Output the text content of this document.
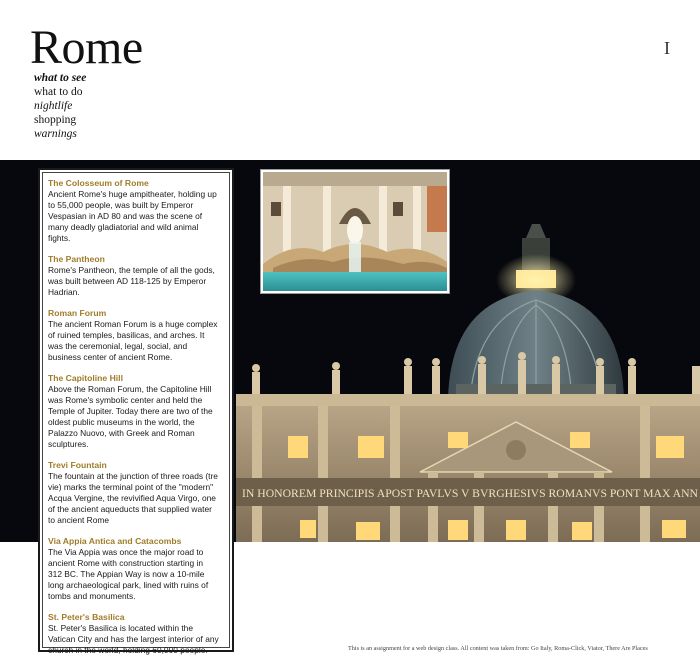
Rome
what to see
what to do
nightlife
shopping
warnings
I
IN HONOREM PRINCIPIS APOST PAVLVS V BVRGHESIVS ROMANVS PONT MAX ANN
The Colosseum of Rome
Ancient Rome's huge ampitheater, holding up
to 55,000 people, was built by Emperor
Vespasian in AD 80 and was the scene of
many deadly gladiatorial and wild animal
fights.
The Pantheon
Rome's Pantheon, the temple of all the gods,
was built between AD 118-125 by Emperor
Hadrian.
Roman Forum
The ancient Roman Forum is a huge complex
of ruined temples, basilicas, and arches. It
was the ceremonial, legal, social, and
business center of ancient Rome.
The Capitoline Hill
Above the Roman Forum, the Capitoline Hill
was Rome's symbolic center and held the
Temple of Jupiter. Today there are two of the
oldest public museums in the world, the
Palazzo Nuovo, with Greek and Roman
sculptures.
Trevi Fountain
The fountain at the junction of three roads (tre
vie) marks the terminal point of the "modern"
Acqua Vergine, the revivified Aqua Virgo, one
of the ancient aqueducts that supplied water
to ancient Rome
Via Appia Antica and Catacombs
The Via Appia was once the major road to
ancient Rome with construction starting in
312 BC. The Appian Way is now a 10-mile
long archaeological park, lined with ruins of
tombs and monuments.
St. Peter's Basilica
St. Peter's Basilica is located within the
Vatican City and has the largest interior of any
church in the world, holding 60,000 people.	This is an assignment for a web design class. All content was taken from: Go Italy, Roma-Click, Viator, There Are Places
